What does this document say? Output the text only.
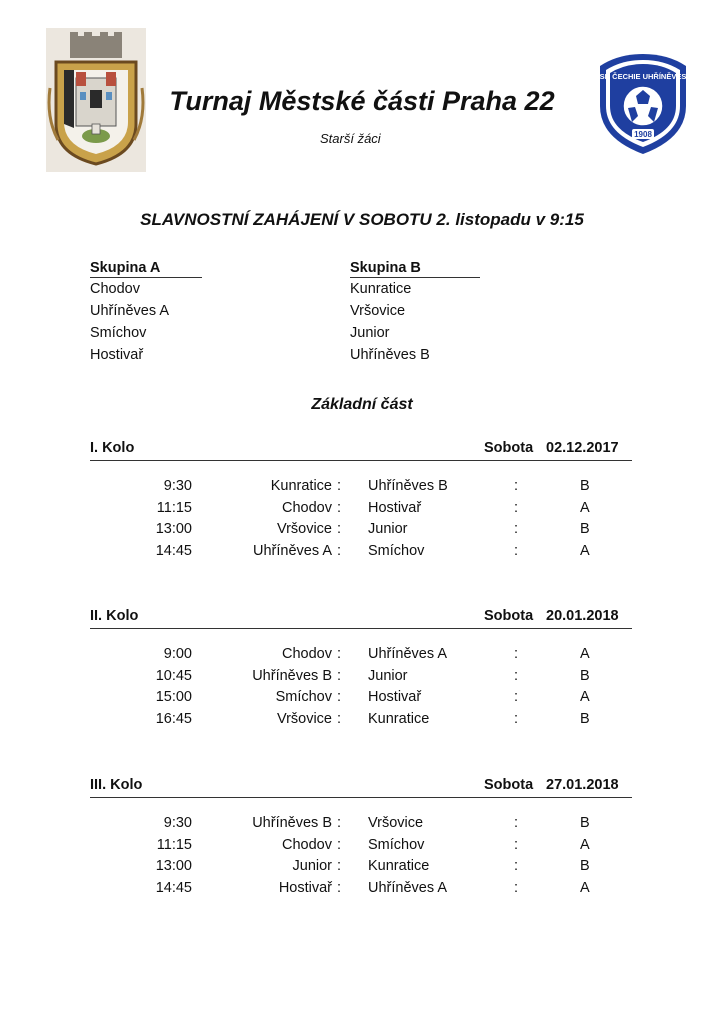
SK ČECHIE UHŘÍNĚVES
1908
Turnaj Městské části Praha 22
Starší žáci
SLAVNOSTNÍ ZAHÁJENÍ V SOBOTU 2. listopadu v 9:15
Skupina A
Chodov
Uhříněves A
Smíchov
Hostivař
Skupina B
Kunratice
Vršovice
Junior
Uhříněves B
Základní část
I. Kolo	Sobota 02.12.2017
9:30	Kunratice : Uhříněves B	:	B
11:15	Chodov : Hostivař	:	A
13:00	Vršovice : Junior	:	B
14:45	Uhříněves A : Smíchov	:	A
II. Kolo	Sobota 20.01.2018
9:00	Chodov : Uhříněves A	:	A
10:45	Uhříněves B : Junior	:	B
15:00	Smíchov : Hostivař	:	A
16:45	Vršovice : Kunratice	:	B
III. Kolo	Sobota 27.01.2018
9:30	Uhříněves B : Vršovice	:	B
11:15	Chodov : Smíchov	:	A
13:00	Junior : Kunratice	:	B
14:45	Hostivař : Uhříněves A	:	A
